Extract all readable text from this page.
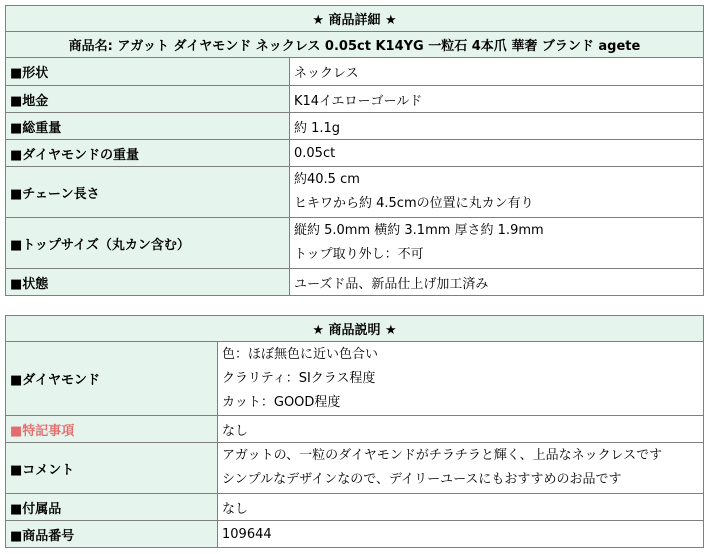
★ 商品詳細 ★	
商品名: アガット ダイヤモンド ネックレス 0.05ct K14YG 一粒石 4本爪 華奢 ブランド agete	
■形状	ネックレス
■地金	K14イエローゴールド
■総重量	約 1.1g
■ダイヤモンドの重量	0.05ct
■チェーン長さ	約40.5 cm
ヒキワから約 4.5cmの位置に丸カン有り

■トップサイズ（丸カン含む）	縦約 5.0mm 横約 3.1mm 厚さ約 1.9mm
トップ取り外し：不可

■状態	ユーズド品、新品仕上げ加工済み
★ 商品説明 ★	
■ダイヤモンド	色：ほぼ無色に近い色合い
クラリティ：SIクラス程度
カット：GOOD程度

■特記事項	なし
■コメント	アガットの、一粒のダイヤモンドがチラチラと輝く、上品なネックレスです
シンプルなデザインなので、デイリーユースにもおすすめのお品です

■付属品	なし
■商品番号	109644
